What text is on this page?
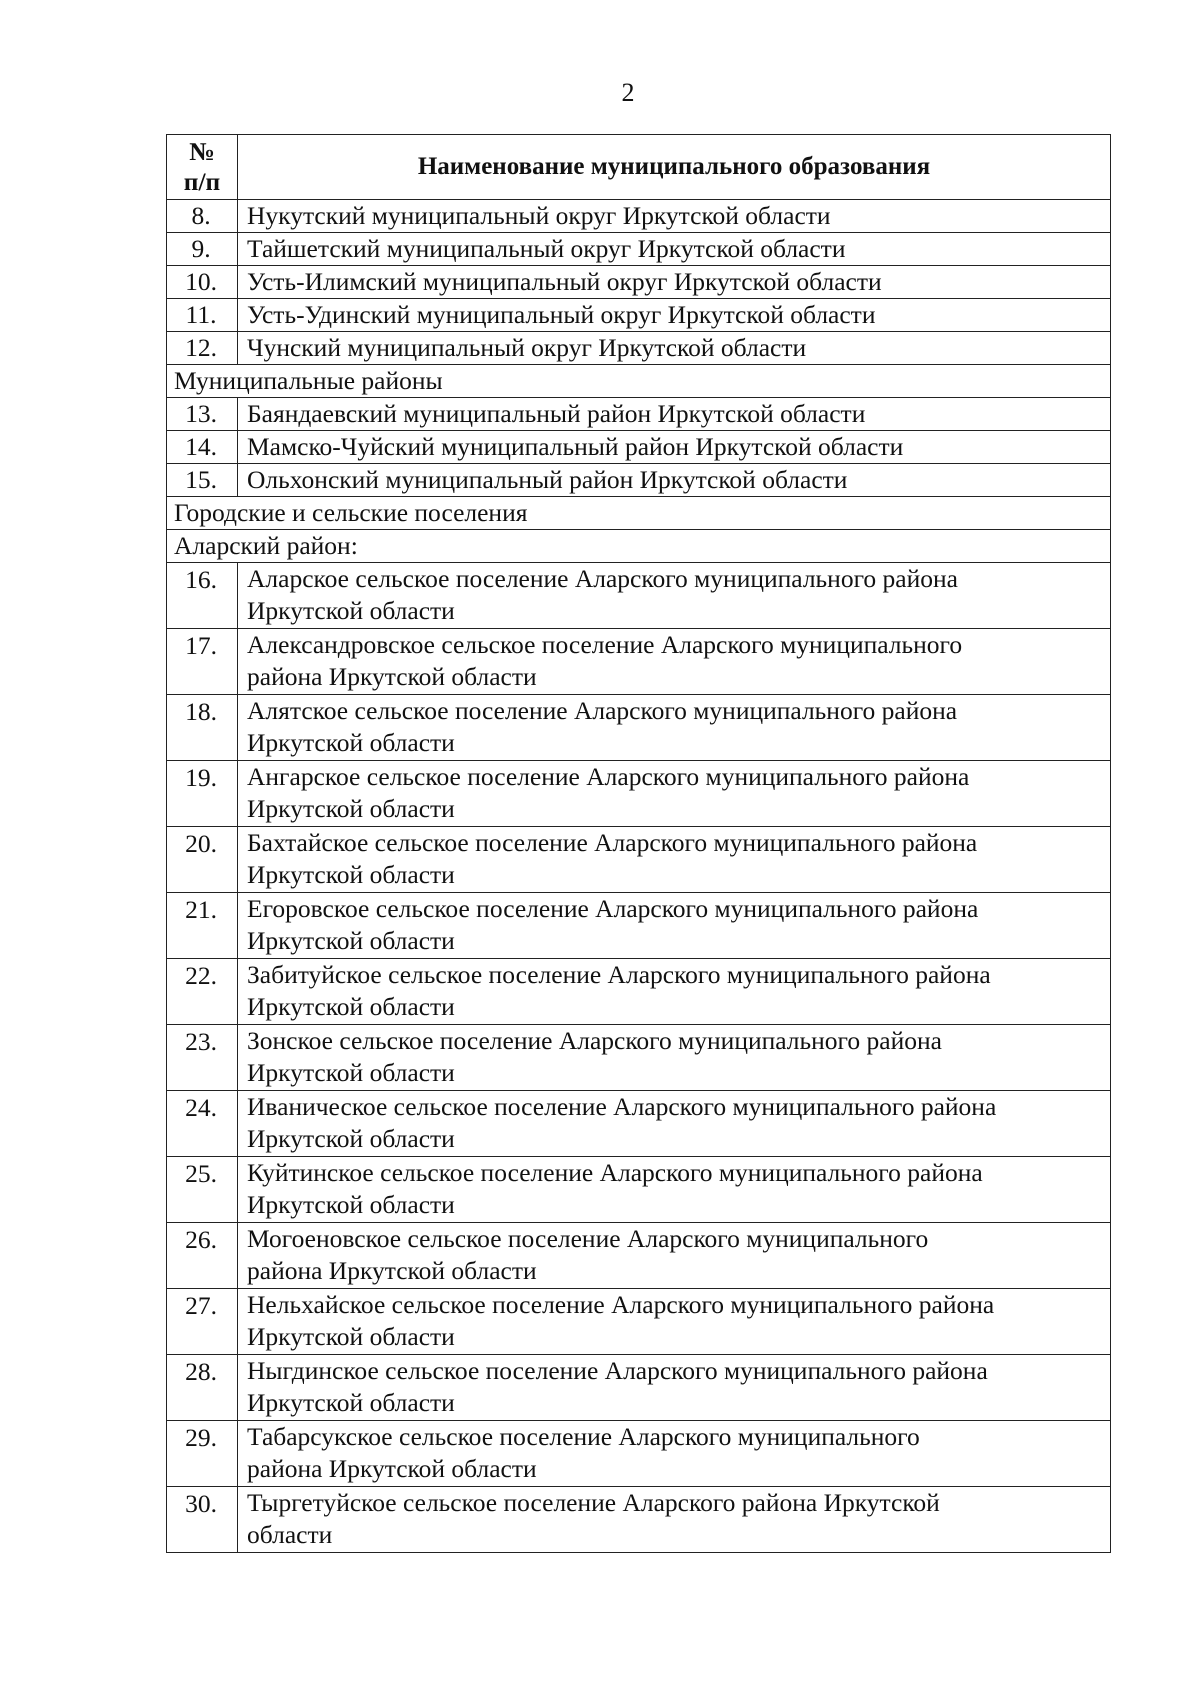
2
№
п/п	Наименование муниципального образования
8.	Нукутский муниципальный округ Иркутской области
9.	Тайшетский муниципальный округ Иркутской области
10.	Усть-Илимский муниципальный округ Иркутской области
11.	Усть-Удинский муниципальный округ Иркутской области
12.	Чунский муниципальный округ Иркутской области
Муниципальные районы	
13.	Баяндаевский муниципальный район Иркутской области
14.	Мамско-Чуйский муниципальный район Иркутской области
15.	Ольхонский муниципальный район Иркутской области
Городские и сельские поселения	
Аларский район:	
16.	Аларское сельское поселение Аларского муниципального района
Иркутской области
17.	Александровское сельское поселение Аларского муниципального
района Иркутской области
18.	Алятское сельское поселение Аларского муниципального района
Иркутской области
19.	Ангарское сельское поселение Аларского муниципального района
Иркутской области
20.	Бахтайское сельское поселение Аларского муниципального района
Иркутской области
21.	Егоровское сельское поселение Аларского муниципального района
Иркутской области
22.	Забитуйское сельское поселение Аларского муниципального района
Иркутской области
23.	Зонское сельское поселение Аларского муниципального района
Иркутской области
24.	Иваническое сельское поселение Аларского муниципального района
Иркутской области
25.	Куйтинское сельское поселение Аларского муниципального района
Иркутской области
26.	Могоеновское сельское поселение Аларского муниципального
района Иркутской области
27.	Нельхайское сельское поселение Аларского муниципального района
Иркутской области
28.	Ныгдинское сельское поселение Аларского муниципального района
Иркутской области
29.	Табарсукское сельское поселение Аларского муниципального
района Иркутской области
30.	Тыргетуйское сельское поселение Аларского района Иркутской
области
